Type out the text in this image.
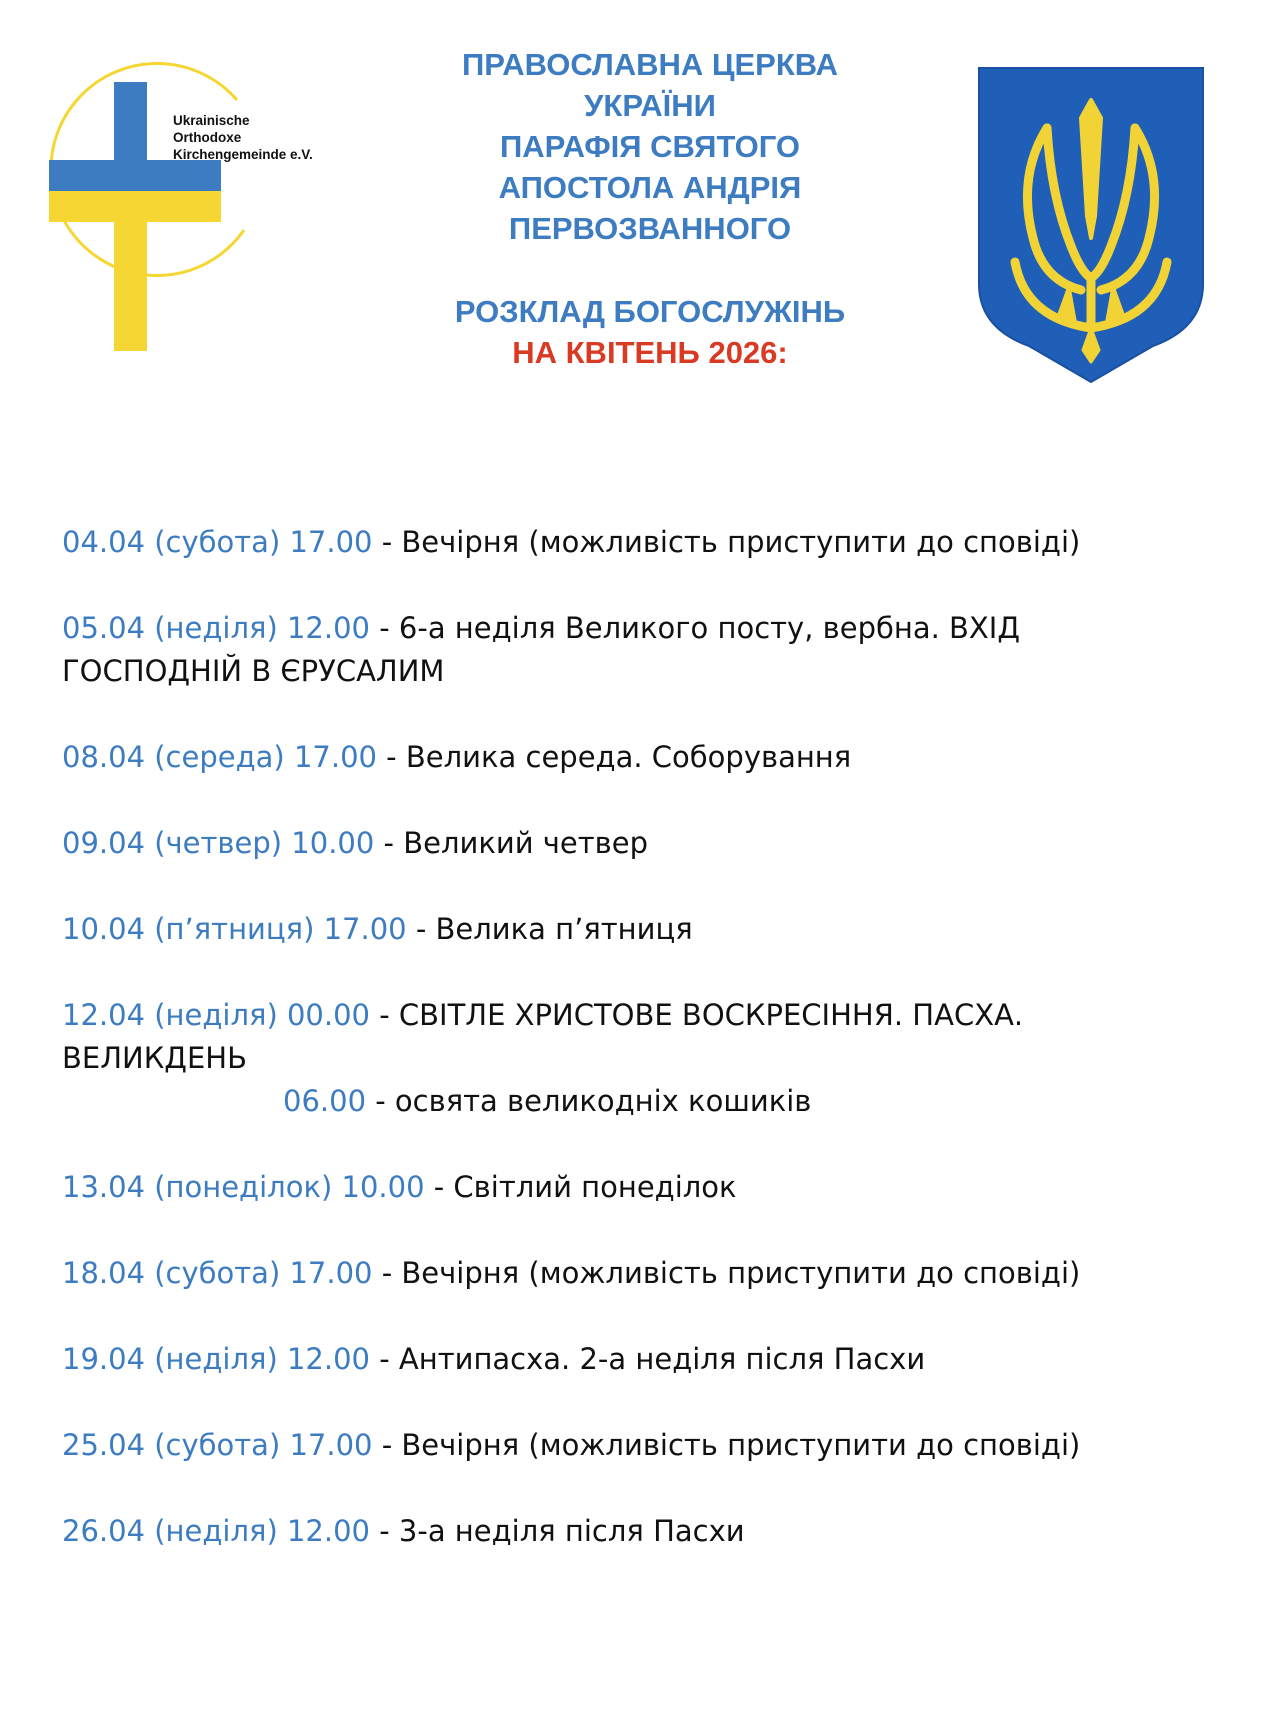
Ukrainische
Orthodoxe
Kirchengemeinde e.V.
ПРАВОСЛАВНА ЦЕРКВА
УКРАЇНИ
ПАРАФІЯ СВЯТОГО
АПОСТОЛА АНДРІЯ
ПЕРВОЗВАННОГО
РОЗКЛАД БОГОСЛУЖІНЬ
НА КВІТЕНЬ 2026:
04.04 (субота) 17.00 - Вечірня (можливість приступити до сповіді)
05.04 (неділя) 12.00 - 6-а неділя Великого посту, вербна. ВХІД
ГОСПОДНІЙ В ЄРУСАЛИМ
08.04 (середа) 17.00 - Велика середа. Соборування
09.04 (четвер) 10.00 - Великий четвер
10.04 (п’ятниця) 17.00 - Велика п’ятниця
12.04 (неділя) 00.00 - СВІТЛЕ ХРИСТОВЕ ВОСКРЕСІННЯ. ПАСХА.
ВЕЛИКДЕНЬ
06.00 - освята великодніх кошиків
13.04 (понеділок) 10.00 - Світлий понеділок
18.04 (субота) 17.00 - Вечірня (можливість приступити до сповіді)
19.04 (неділя) 12.00 - Антипасха. 2-а неділя після Пасхи
25.04 (субота) 17.00 - Вечірня (можливість приступити до сповіді)
26.04 (неділя) 12.00 - 3-а неділя після Пасхи
